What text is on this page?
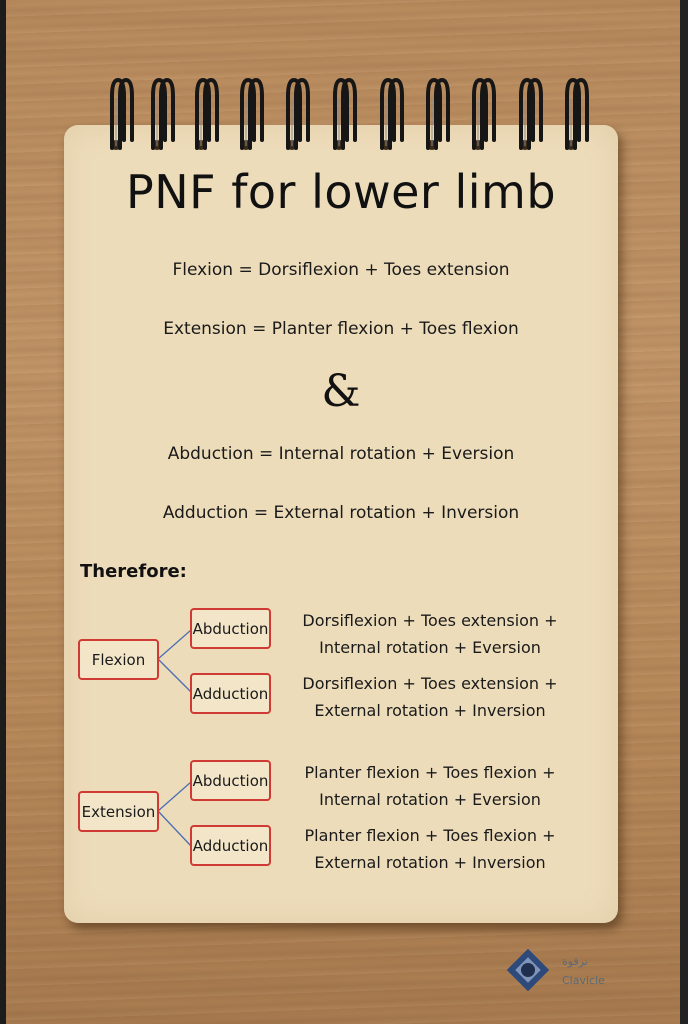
PNF for lower limb
Flexion = Dorsiflexion + Toes extension
Extension = Planter flexion + Toes flexion
&
Abduction = Internal rotation + Eversion
Adduction = External rotation + Inversion
Therefore:
Flexion
Abduction
Adduction
Dorsiflexion + Toes extension +
Internal rotation + Eversion
Dorsiflexion + Toes extension +
External rotation + Inversion
Extension
Abduction
Adduction
Planter flexion + Toes flexion +
Internal rotation + Eversion
Planter flexion + Toes flexion +
External rotation + Inversion
ترقوة
Clavicle
